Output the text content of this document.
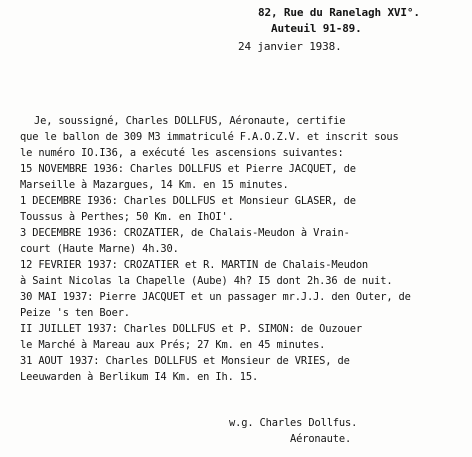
82, Rue du Ranelagh XVI°.
Auteuil 91-89.
24 janvier 1938.
Je, soussigné, Charles DOLLFUS, Aéronaute, certifie
que le ballon de 309 M3 immatriculé F.A.O.Z.V. et inscrit sous
le numéro IO.I36, a exécuté les ascensions suivantes:
15 NOVEMBRE 1936: Charles DOLLFUS et Pierre JACQUET, de
Marseille à Mazargues, 14 Km. en 15 minutes.
1 DECEMBRE I936: Charles DOLLFUS et Monsieur GLASER, de
Toussus à Perthes; 50 Km. en IhOI'.
3 DECEMBRE 1936: CROZATIER, de Chalais-Meudon à Vrain-
court (Haute Marne) 4h.30.
12 FEVRIER 1937: CROZATIER et R. MARTIN de Chalais-Meudon
à Saint Nicolas la Chapelle (Aube) 4h? I5 dont 2h.36 de nuit.
30 MAI 1937: Pierre JACQUET et un passager mr.J.J. den Outer, de
Peize 's ten Boer.
II JUILLET 1937: Charles DOLLFUS et P. SIMON: de Ouzouer
le Marché à Mareau aux Prés; 27 Km. en 45 minutes.
31 AOUT 1937: Charles DOLLFUS et Monsieur de VRIES, de
Leeuwarden à Berlikum I4 Km. en Ih. 15.
w.g. Charles Dollfus.
Aéronaute.
